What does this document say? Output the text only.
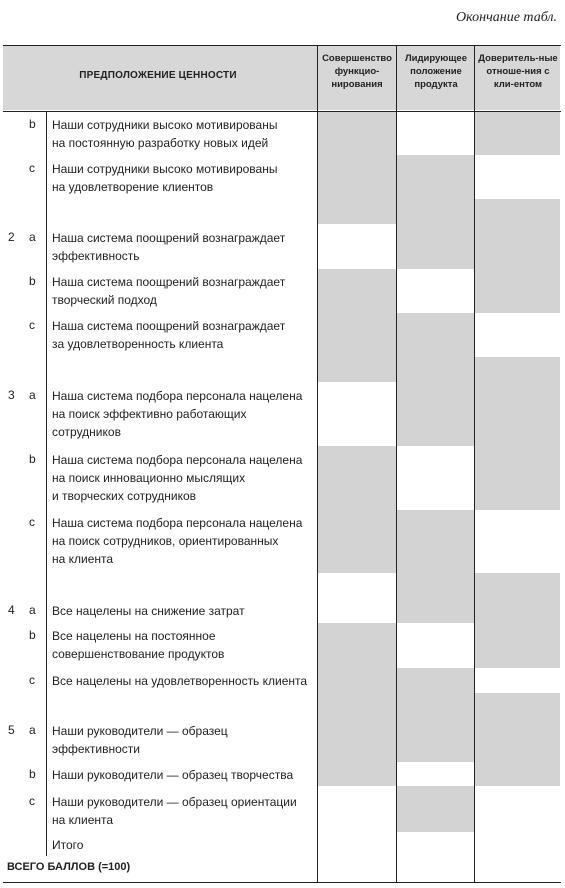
Окончание табл.
ПРЕДПОЛОЖЕНИЕ ЦЕННОСТИ
Совершенство функцио-нирования
Лидирующее положение продукта
Доверитель-ные отноше-ния с кли-ентом
b	Наши сотрудники высоко мотивированы
на постоянную разработку новых идей
c	Наши сотрудники высоко мотивированы
на удовлетворение клиентов
2	a	Наша система поощрений вознаграждает
эффективность
b	Наша система поощрений вознаграждает
творческий подход
c	Наша система поощрений вознаграждает
за удовлетворенность клиента
3	a	Наша система подбора персонала нацелена
на поиск эффективно работающих
сотрудников
b	Наша система подбора персонала нацелена
на поиск инновационно мыслящих
и творческих сотрудников
c	Наша система подбора персонала нацелена
на поиск сотрудников, ориентированных
на клиента
4	a	Все нацелены на снижение затрат
b	Все нацелены на постоянное
совершенствование продуктов
c	Все нацелены на удовлетворенность клиента
5	a	Наши руководители — образец
эффективности
b	Наши руководители — образец творчества
c	Наши руководители — образец ориентации
на клиента
Итого
ВСЕГО БАЛЛОВ (=100)
